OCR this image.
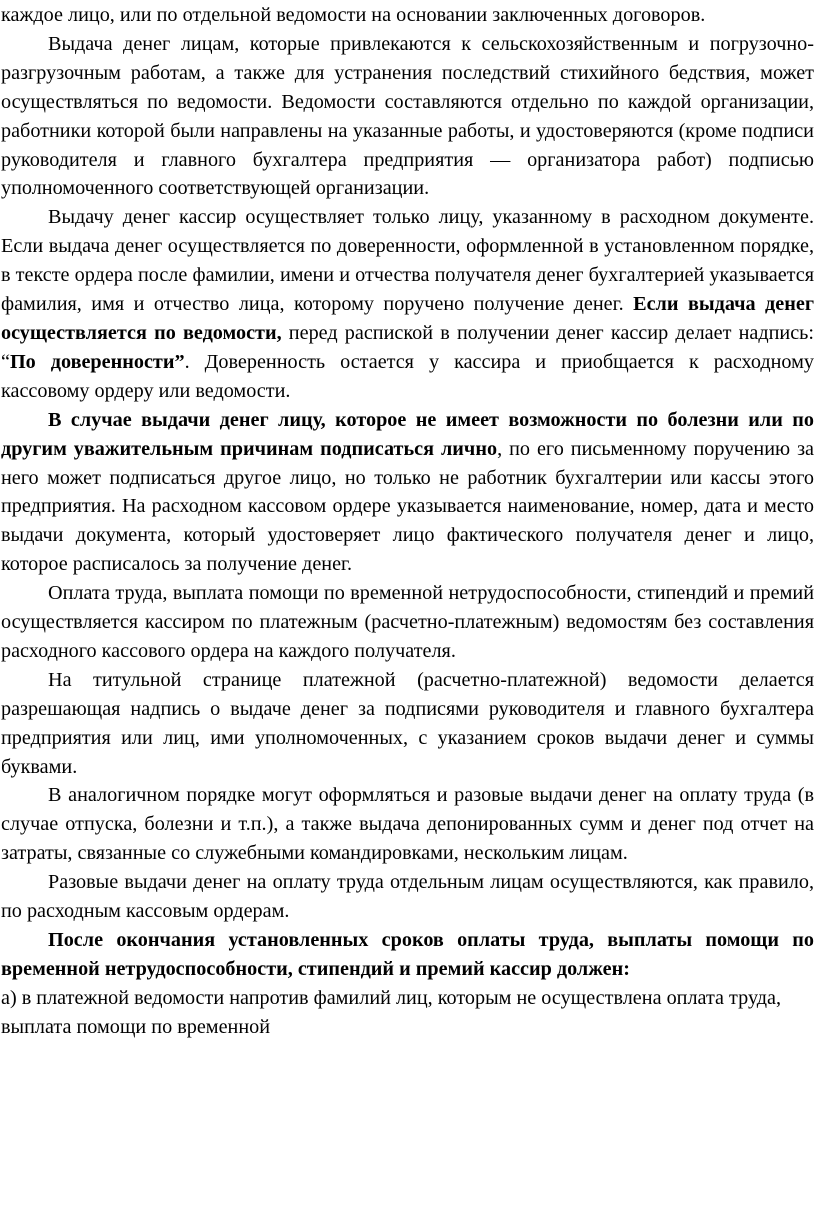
каждое лицо, или по отдельной ведомости на основании заключенных договоров.

Выдача денег лицам, которые привлекаются к сельскохозяйственным и погрузочно-разгрузочным работам, а также для устранения последствий стихийного бедствия, может осуществляться по ведомости. Ведомости составляются отдельно по каждой организации, работники которой были направлены на указанные работы, и удостоверяются (кроме подписи руководителя и главного бухгалтера предприятия — организатора работ) подписью уполномоченного соответствующей организации.

Выдачу денег кассир осуществляет только лицу, указанному в расходном документе. Если выдача денег осуществляется по доверенности, оформленной в установленном порядке, в тексте ордера после фамилии, имени и отчества получателя денег бухгалтерией указывается фамилия, имя и отчество лица, которому поручено получение денег. Если выдача денег осуществляется по ведомости, перед распиской в получении денег кассир делает надпись: “По доверенности”. Доверенность остается у кассира и приобщается к расходному кассовому ордеру или ведомости.

В случае выдачи денег лицу, которое не имеет возможности по болезни или по другим уважительным причинам подписаться лично, по его письменному поручению за него может подписаться другое лицо, но только не работник бухгалтерии или кассы этого предприятия. На расходном кассовом ордере указывается наименование, номер, дата и место выдачи документа, который удостоверяет лицо фактического получателя денег и лицо, которое расписалось за получение денег.

Оплата труда, выплата помощи по временной нетрудоспособности, стипендий и премий осуществляется кассиром по платежным (расчетно-платежным) ведомостям без составления расходного кассового ордера на каждого получателя.

На титульной странице платежной (расчетно-платежной) ведомости делается разрешающая надпись о выдаче денег за подписями руководителя и главного бухгалтера предприятия или лиц, ими уполномоченных, с указанием сроков выдачи денег и суммы буквами.

В аналогичном порядке могут оформляться и разовые выдачи денег на оплату труда (в случае отпуска, болезни и т.п.), а также выдача депонированных сумм и денег под отчет на затраты, связанные со служебными командировками, нескольким лицам.

Разовые выдачи денег на оплату труда отдельным лицам осуществляются, как правило, по расходным кассовым ордерам.

После окончания установленных сроков оплаты труда, выплаты помощи по временной нетрудоспособности, стипендий и премий кассир должен:

а) в платежной ведомости напротив фамилий лиц, которым не осуществлена оплата труда, выплата помощи по временной
